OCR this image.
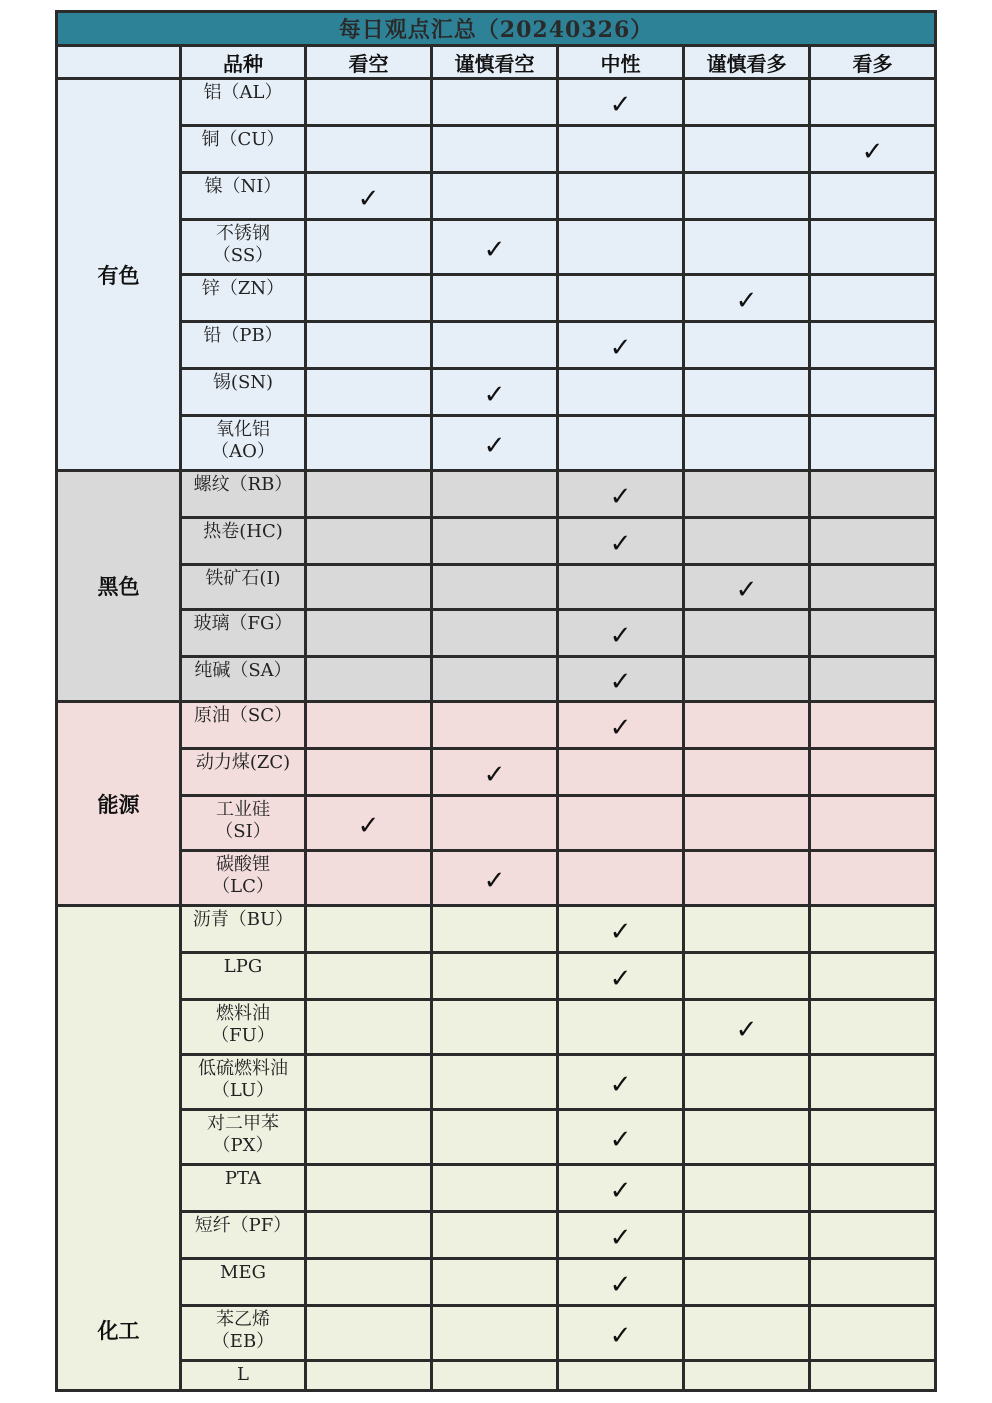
每日观点汇总（20240326）						
	品种	看空	谨慎看空	中性	谨慎看多	看多
有色	铝（AL）			✓		

	铜（CU）					✓

	镍（NI）	✓				

	不锈钢
（SS）		✓			

	锌（ZN）				✓	

	铅（PB）			✓		

	锡(SN)		✓			

	氧化铝
（AO）		✓			
黑色	螺纹（RB）			✓		

	热卷(HC)			✓		

	铁矿石(I)				✓	

	玻璃（FG）			✓		

	纯碱（SA）			✓		
能源	原油（SC）			✓		

	动力煤(ZC)		✓			

	工业硅
（SI）	✓				

	碳酸锂
（LC）		✓			
化工	沥青（BU）			✓		

	LPG			✓		

	燃料油
（FU）				✓	

	低硫燃料油
（LU）			✓		

	对二甲苯
（PX）			✓		

	PTA			✓		

	短纤（PF）			✓		

	MEG			✓		

	苯乙烯
（EB）			✓		

	L					
